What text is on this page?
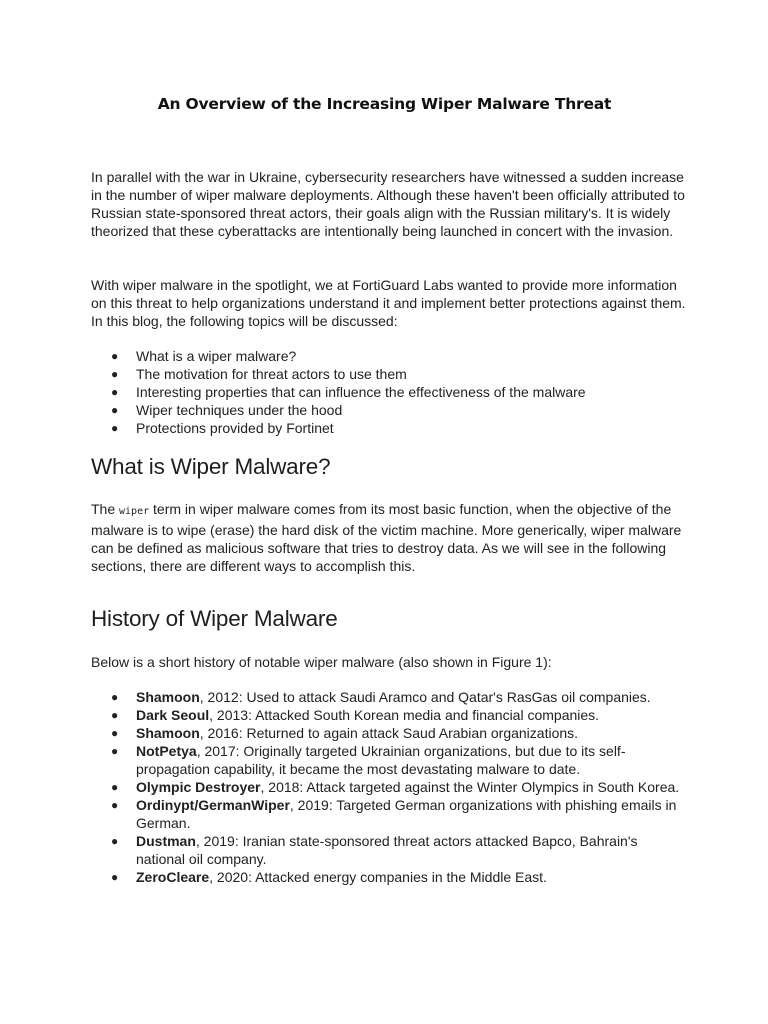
An Overview of the Increasing Wiper Malware Threat

In parallel with the war in Ukraine, cybersecurity researchers have witnessed a sudden increase in the number of wiper malware deployments. Although these haven't been officially attributed to Russian state-sponsored threat actors, their goals align with the Russian military's. It is widely theorized that these cyberattacks are intentionally being launched in concert with the invasion.

With wiper malware in the spotlight, we at FortiGuard Labs wanted to provide more information on this threat to help organizations understand it and implement better protections against them. In this blog, the following topics will be discussed:

● What is a wiper malware?
● The motivation for threat actors to use them
● Interesting properties that can influence the effectiveness of the malware
● Wiper techniques under the hood
● Protections provided by Fortinet
What is Wiper Malware?

The wiper term in wiper malware comes from its most basic function, when the objective of the malware is to wipe (erase) the hard disk of the victim machine. More generically, wiper malware can be defined as malicious software that tries to destroy data. As we will see in the following sections, there are different ways to accomplish this.

History of Wiper Malware

Below is a short history of notable wiper malware (also shown in Figure 1):

● Shamoon, 2012: Used to attack Saudi Aramco and Qatar's RasGas oil companies.
● Dark Seoul, 2013: Attacked South Korean media and financial companies.
● Shamoon, 2016: Returned to again attack Saud Arabian organizations.
● NotPetya, 2017: Originally targeted Ukrainian organizations, but due to its self-propagation capability, it became the most devastating malware to date.
● Olympic Destroyer, 2018: Attack targeted against the Winter Olympics in South Korea.
● Ordinypt/GermanWiper, 2019: Targeted German organizations with phishing emails in German.
● Dustman, 2019: Iranian state-sponsored threat actors attacked Bapco, Bahrain's national oil company.
● ZeroCleare, 2020: Attacked energy companies in the Middle East.
